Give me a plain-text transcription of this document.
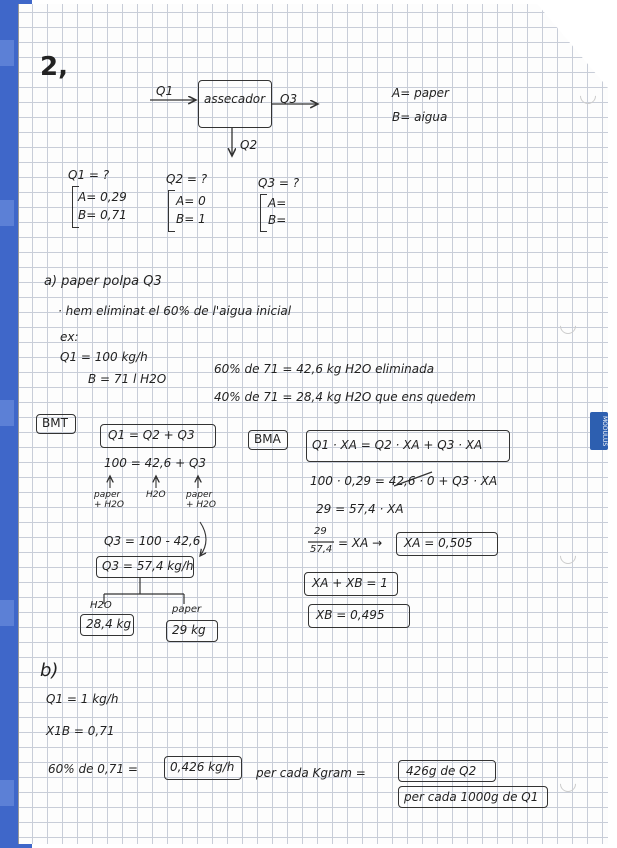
MODULUS
2,
Q1
assecador Q3
Q2
A= paper
B= aigua
Q1 = ?
A= 0,29
B= 0,71
Q2 = ?
A= 0
B= 1
Q3 = ?
A=
B=
a) paper polpa Q3
· hem eliminat el 60% de l'aigua inicial
ex:
Q1 = 100 kg/h
B = 71 l H2O
60% de 71 = 42,6 kg H2O eliminada
40% de 71 = 28,4 kg H2O que ens quedem
BMT
Q1 = Q2 + Q3
100 = 42,6 + Q3
paper + H2O
H2O paper + H2O
Q3 = 100 - 42,6
Q3 = 57,4 kg/h
H2O	paper
28,4 kg	29 kg
BMA	Q1 · XA = Q2 · XA + Q3 · XA
100 · 0,29 = 42,6 · 0 + Q3 · XA
29 = 57,4 · XA
29
57,4 = XA → XA = 0,505
XA + XB = 1
XB = 0,495
b)
Q1 = 1 kg/h
X1B = 0,71
60% de 0,71 =	0,426 kg/h per cada Kgram =	426g de Q2
per cada 1000g de Q1
